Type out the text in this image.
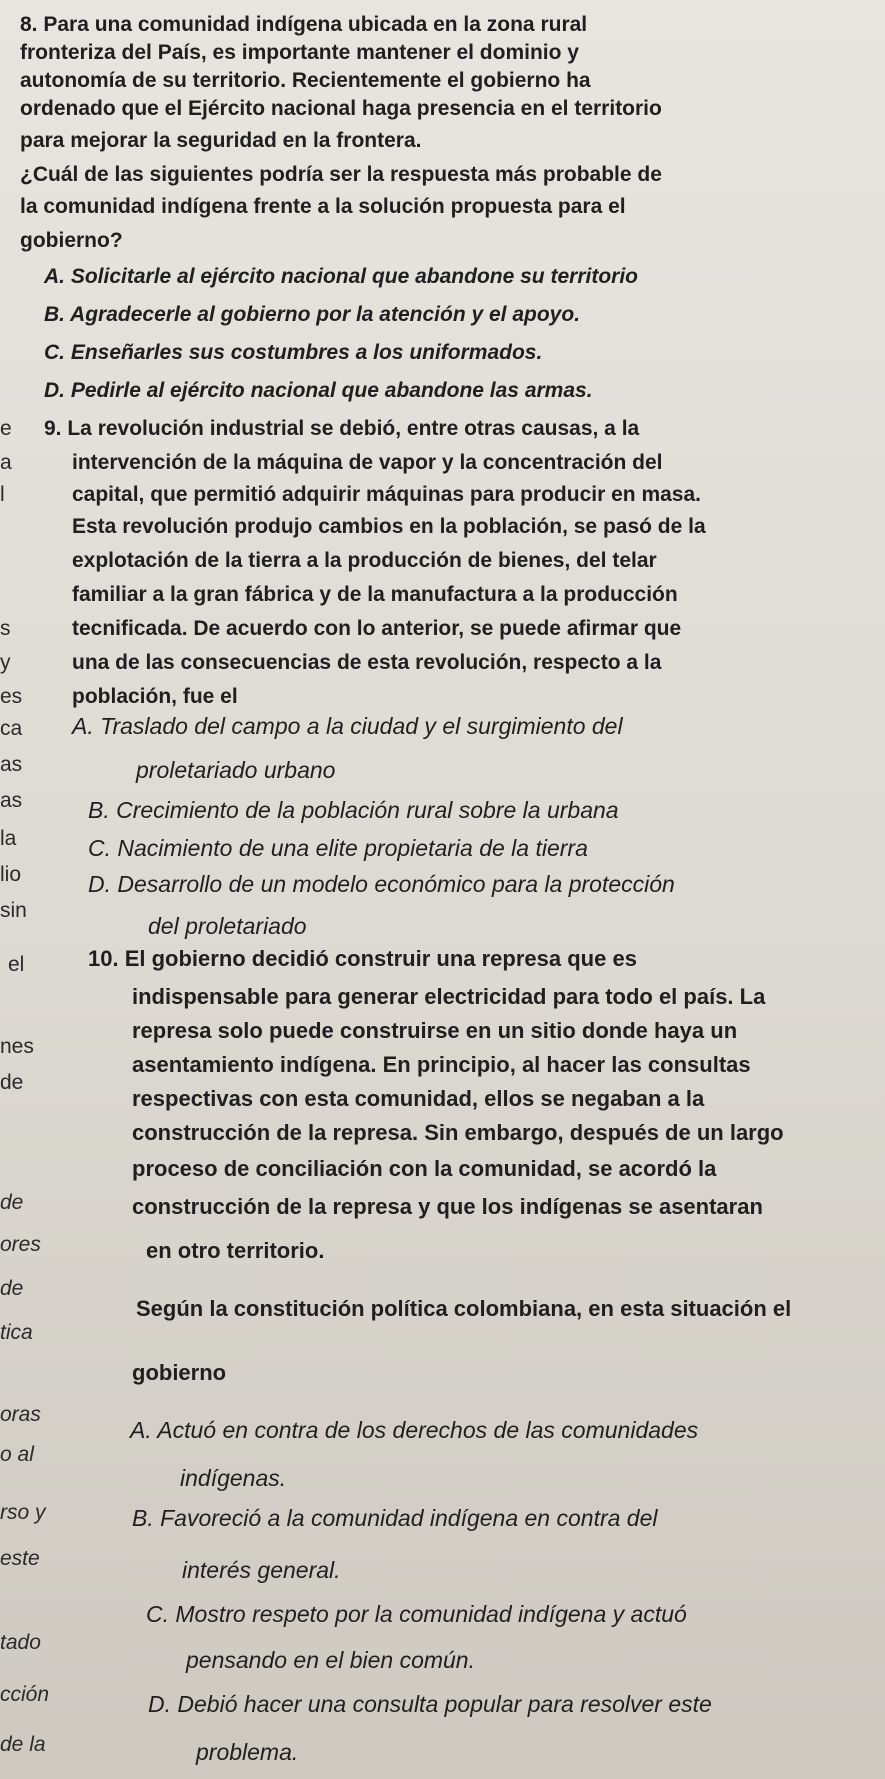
8. Para una comunidad indígena ubicada en la zona rural
fronteriza del País, es importante mantener el dominio y
autonomía de su territorio. Recientemente el gobierno ha
ordenado que el Ejército nacional haga presencia en el territorio
para mejorar la seguridad en la frontera.
¿Cuál de las siguientes podría ser la respuesta más probable de
la comunidad indígena frente a la solución propuesta para el
gobierno?
A. Solicitarle al ejército nacional que abandone su territorio
B. Agradecerle al gobierno por la atención y el apoyo.
C. Enseñarles sus costumbres a los uniformados.
D. Pedirle al ejército nacional que abandone las armas.
9. La revolución industrial se debió, entre otras causas, a la
intervención de la máquina de vapor y la concentración del
capital, que permitió adquirir máquinas para producir en masa.
Esta revolución produjo cambios en la población, se pasó de la
explotación de la tierra a la producción de bienes, del telar
familiar a la gran fábrica y de la manufactura a la producción
tecnificada. De acuerdo con lo anterior, se puede afirmar que
una de las consecuencias de esta revolución, respecto a la
población, fue el
A. Traslado del campo a la ciudad y el surgimiento del
proletariado urbano
B. Crecimiento de la población rural sobre la urbana
C. Nacimiento de una elite propietaria de la tierra
D. Desarrollo de un modelo económico para la protección
del proletariado
10. El gobierno decidió construir una represa que es
indispensable para generar electricidad para todo el país. La
represa solo puede construirse en un sitio donde haya un
asentamiento indígena. En principio, al hacer las consultas
respectivas con esta comunidad, ellos se negaban a la
construcción de la represa. Sin embargo, después de un largo
proceso de conciliación con la comunidad, se acordó la
construcción de la represa y que los indígenas se asentaran
en otro territorio.
Según la constitución política colombiana, en esta situación el
gobierno
A. Actuó en contra de los derechos de las comunidades
indígenas.
B. Favoreció a la comunidad indígena en contra del
interés general.
C. Mostro respeto por la comunidad indígena y actuó
pensando en el bien común.
D. Debió hacer una consulta popular para resolver este
problema.
e
a
l
s
y
es
ca
as
as
la
lio
sin
el
nes
de
de
ores
de
tica
oras
o al
rso y
este
tado
cción
de la
